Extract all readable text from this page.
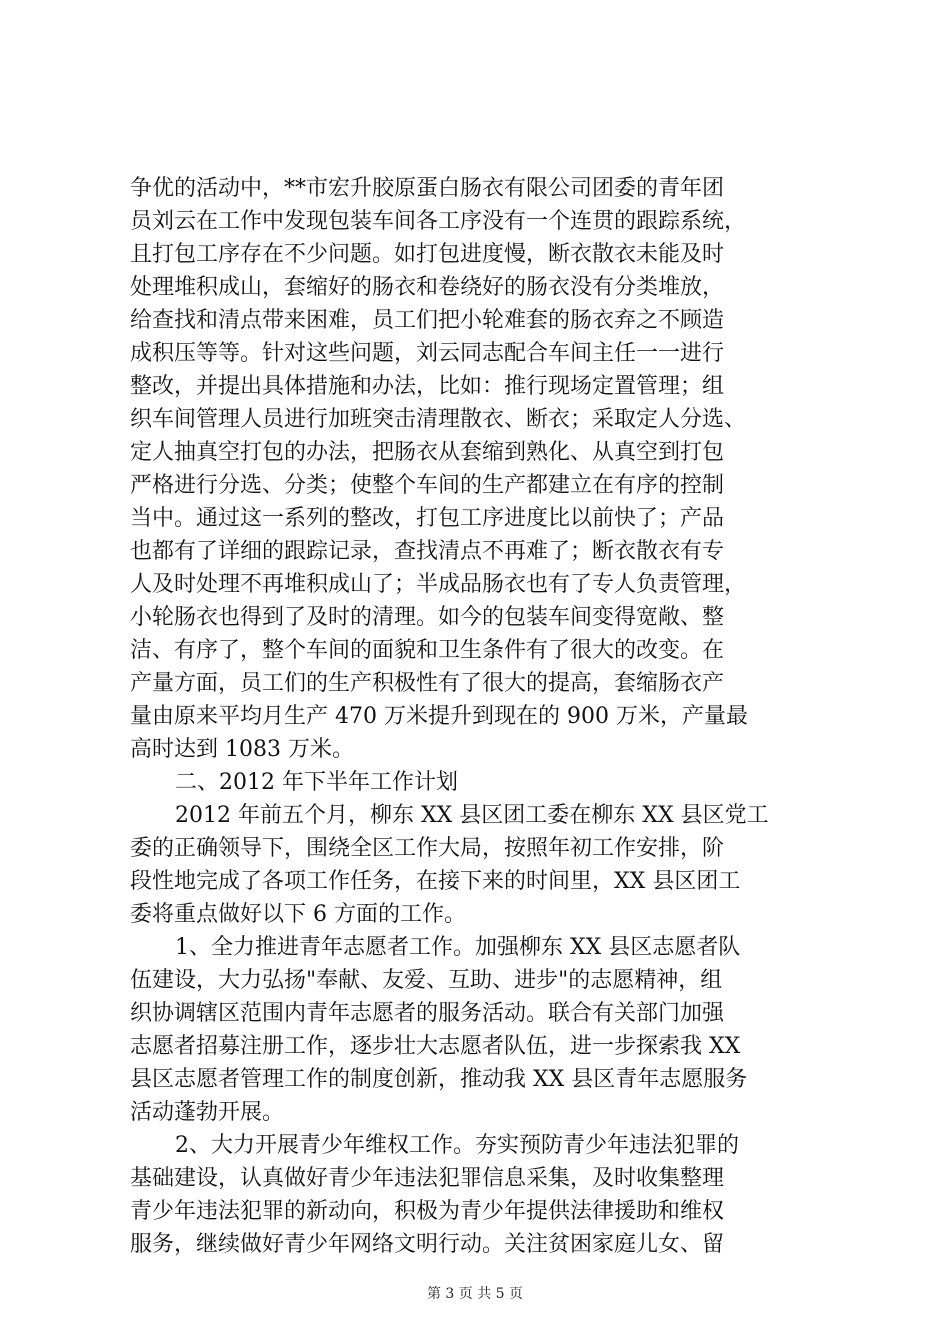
争优的活动中，**市宏升胶原蛋白肠衣有限公司团委的青年团
员刘云在工作中发现包装车间各工序没有一个连贯的跟踪系统，
且打包工序存在不少问题。如打包进度慢，断衣散衣未能及时
处理堆积成山，套缩好的肠衣和卷绕好的肠衣没有分类堆放，
给查找和清点带来困难，员工们把小轮难套的肠衣弃之不顾造
成积压等等。针对这些问题，刘云同志配合车间主任一一进行
整改，并提出具体措施和办法，比如：推行现场定置管理；组
织车间管理人员进行加班突击清理散衣、断衣；采取定人分选、
定人抽真空打包的办法，把肠衣从套缩到熟化、从真空到打包
严格进行分选、分类；使整个车间的生产都建立在有序的控制
当中。通过这一系列的整改，打包工序进度比以前快了；产品
也都有了详细的跟踪记录，查找清点不再难了；断衣散衣有专
人及时处理不再堆积成山了；半成品肠衣也有了专人负责管理，
小轮肠衣也得到了及时的清理。如今的包装车间变得宽敞、整
洁、有序了，整个车间的面貌和卫生条件有了很大的改变。在
产量方面，员工们的生产积极性有了很大的提高，套缩肠衣产
量由原来平均月生产 470 万米提升到现在的 900 万米，产量最
高时达到 1083 万米。
二、2012 年下半年工作计划
2012 年前五个月，柳东 XX 县区团工委在柳东 XX 县区党工
委的正确领导下，围绕全区工作大局，按照年初工作安排，阶
段性地完成了各项工作任务，在接下来的时间里，XX 县区团工
委将重点做好以下 6 方面的工作。
1、全力推进青年志愿者工作。加强柳东 XX 县区志愿者队
伍建设，大力弘扬"奉献、友爱、互助、进步"的志愿精神，组
织协调辖区范围内青年志愿者的服务活动。联合有关部门加强
志愿者招募注册工作，逐步壮大志愿者队伍，进一步探索我 XX
县区志愿者管理工作的制度创新，推动我 XX 县区青年志愿服务
活动蓬勃开展。
2、大力开展青少年维权工作。夯实预防青少年违法犯罪的
基础建设，认真做好青少年违法犯罪信息采集，及时收集整理
青少年违法犯罪的新动向，积极为青少年提供法律援助和维权
服务，继续做好青少年网络文明行动。关注贫困家庭儿女、留
第 3 页 共 5 页
